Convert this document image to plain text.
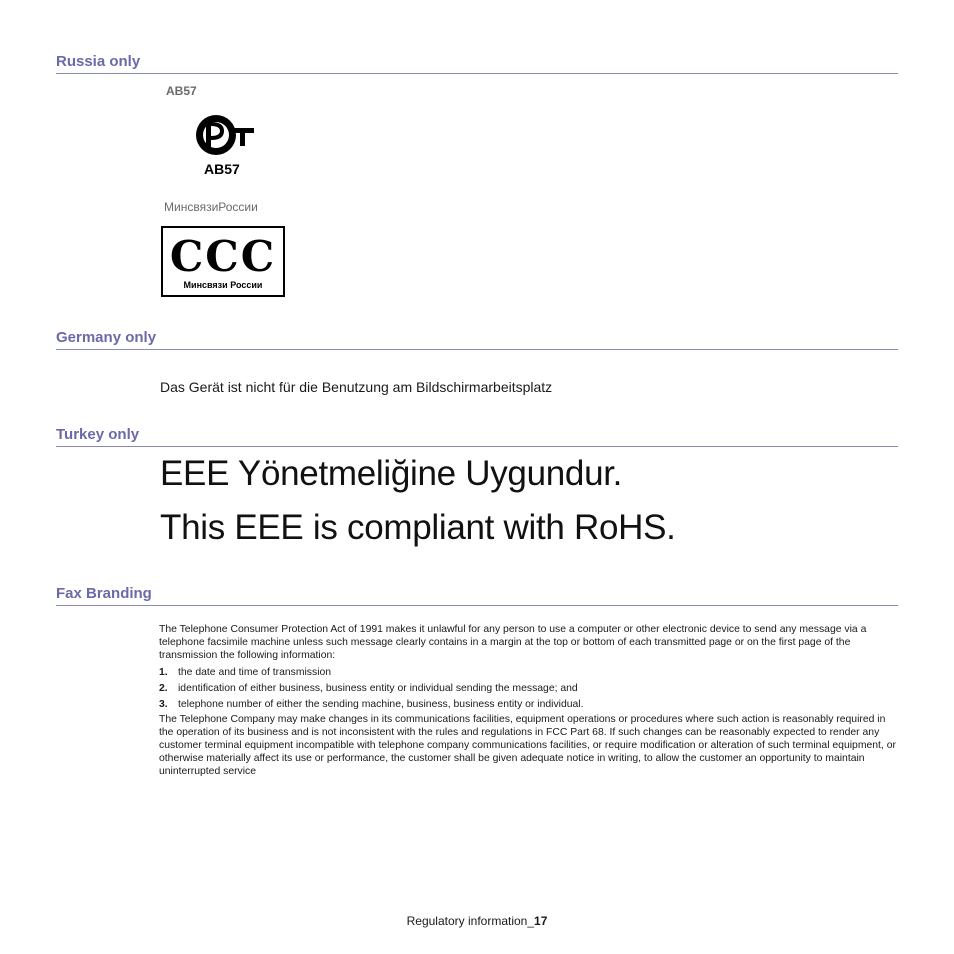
Russia only
AB57
AB57
МинсвязиРоссии
CCC
Минсвязи России
Germany only
Das Gerät ist nicht für die Benutzung am Bildschirmarbeitsplatz
Turkey only
EEE Yönetmeliğine Uygundur.
This EEE is compliant with RoHS.
Fax Branding
The Telephone Consumer Protection Act of 1991 makes it unlawful for any person to use a computer or other electronic device to send any message via a telephone facsimile machine unless such message clearly contains in a margin at the top or bottom of each transmitted page or on the first page of the transmission the following information:
1. the date and time of transmission
2. identification of either business, business entity or individual sending the message; and
3. telephone number of either the sending machine, business, business entity or individual.
The Telephone Company may make changes in its communications facilities, equipment operations or procedures where such action is reasonably required in the operation of its business and is not inconsistent with the rules and regulations in FCC Part 68. If such changes can be reasonably expected to render any customer terminal equipment incompatible with telephone company communications facilities, or require modification or alteration of such terminal equipment, or otherwise materially affect its use or performance, the customer shall be given adequate notice in writing, to allow the customer an opportunity to maintain uninterrupted service
Regulatory information_17
